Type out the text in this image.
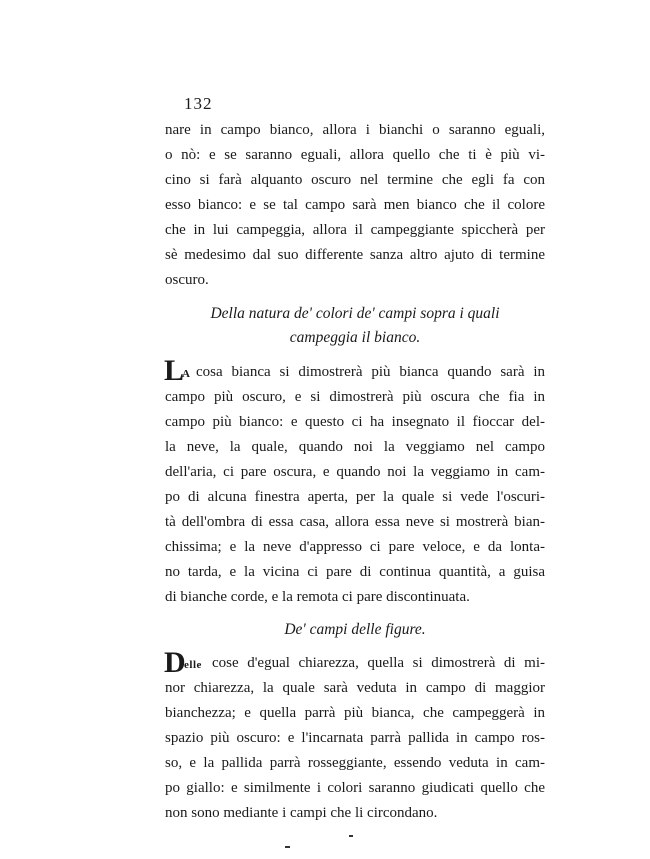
132
nare in campo bianco, allora i bianchi o saranno eguali,
o nò: e se saranno eguali, allora quello che ti è più vi-
cino si farà alquanto oscuro nel termine che egli fa con
esso bianco: e se tal campo sarà men bianco che il colore
che in lui campeggia, allora il campeggiante spiccherà per
sè medesimo dal suo differente sanza altro ajuto di termine
oscuro.
Della natura de' colori de' campi sopra i quali
campeggia il bianco.
L
A cosa bianca si dimostrerà più bianca quando sarà in
campo più oscuro, e si dimostrerà più oscura che fia in
campo più bianco: e questo ci ha insegnato il fioccar del-
la neve, la quale, quando noi la veggiamo nel campo
dell'aria, ci pare oscura, e quando noi la veggiamo in cam-
po di alcuna finestra aperta, per la quale si vede l'oscuri-
tà dell'ombra di essa casa, allora essa neve si mostrerà bian-
chissima; e la neve d'appresso ci pare veloce, e da lonta-
no tarda, e la vicina ci pare di continua quantità, a guisa
di bianche corde, e la remota ci pare discontinuata.
De' campi delle figure.
D
elle cose d'egual chiarezza, quella si dimostrerà di mi-
nor chiarezza, la quale sarà veduta in campo di maggior
bianchezza; e quella parrà più bianca, che campeggerà in
spazio più oscuro: e l'incarnata parrà pallida in campo ros-
so, e la pallida parrà rosseggiante, essendo veduta in cam-
po giallo: e similmente i colori saranno giudicati quello che
non sono mediante i campi che li circondano.
